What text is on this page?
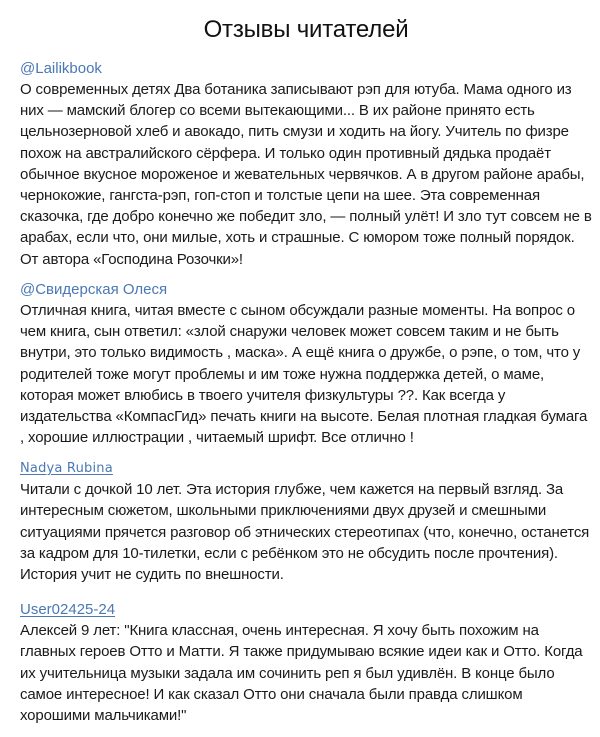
Отзывы читателей
@Lailikbook

О современных детях Два ботаника записывают рэп для ютуба. Мама одного из них — мамский блогер со всеми вытекающими... В их районе принято есть цельнозерновой хлеб и авокадо, пить смузи и ходить на йогу. Учитель по физре похож на австралийского сёрфера. И только один противный дядька продаёт обычное вкусное мороженое и жевательных червячков. А в другом районе арабы, чернокожие, гангста-рэп, гоп-стоп и толстые цепи на шее. Эта современная сказочка, где добро конечно же победит зло, — полный улёт! И зло тут совсем не в арабах, если что, они милые, хоть и страшные. С юмором тоже полный порядок. От автора «Господина Розочки»!

@Свидерская Олеся

Отличная книга, читая вместе с сыном обсуждали разные моменты. На вопрос о чем книга, сын ответил: «злой снаружи человек может совсем таким и не быть внутри, это только видимость , маска». А ещё книга о дружбе, о рэпе, о том, что у родителей тоже могут проблемы и им тоже нужна поддержка детей, о маме, которая может влюбись в твоего учителя физкультуры ??. Как всегда у издательства «КомпасГид» печать книги на высоте. Белая плотная гладкая бумага , хорошие иллюстрации , читаемый шрифт. Все отлично !

Nadya Rubina

Читали с дочкой 10 лет. Эта история глубже, чем кажется на первый взгляд. За интересным сюжетом, школьными приключениями двух друзей и смешными ситуациями прячется разговор об этнических стереотипах (что, конечно, останется за кадром для 10-тилетки, если с ребёнком это не обсудить после прочтения). История учит не судить по внешности.

User02425-24

Алексей 9 лет: "Книга классная, очень интересная. Я хочу быть похожим на главных героев Отто и Матти. Я также придумываю всякие идеи как и Отто. Когда их учительница музыки задала им сочинить реп я был удивлён. В конце было самое интересное! И как сказал Отто они сначала были правда слишком хорошими мальчиками!"
